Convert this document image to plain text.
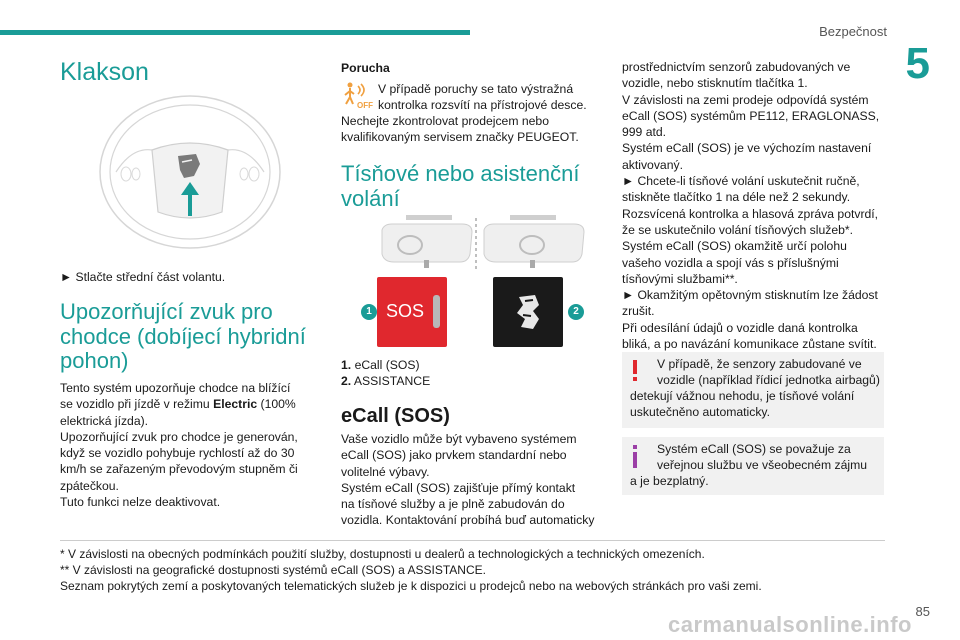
Bezpečnost
5
Klakson

► Stlačte střední část volantu.

Upozorňující zvuk pro
chodce (dobíjecí hybridní
pohon)
Tento systém upozorňuje chodce na blížící
se vozidlo při jízdě v režimu Electric (100%
elektrická jízda).
Upozorňující zvuk pro chodce je generován,
když se vozidlo pohybuje rychlostí až do 30
km/h se zařazeným převodovým stupněm či
zpátečkou.
Tuto funkci nelze deaktivovat.
Porucha
OFF
V případě poruchy se tato výstražná
kontrolka rozsvítí na přístrojové desce.
Nechejte zkontrolovat prodejcem nebo
kvalifikovaným servisem značky PEUGEOT.
Tísňové nebo asistenční
volání
SOS
1	2
1. eCall (SOS)
2. ASSISTANCE
eCall (SOS)
Vaše vozidlo může být vybaveno systémem
eCall (SOS) jako prvkem standardní nebo
volitelné výbavy.
Systém eCall (SOS) zajišťuje přímý kontakt
na tísňové služby a je plně zabudován do
vozidla. Kontaktování probíhá buď automaticky
prostřednictvím senzorů zabudovaných ve
vozidle, nebo stisknutím tlačítka 1.
V závislosti na zemi prodeje odpovídá systém
eCall (SOS) systémům PE112, ERAGLONASS,
999 atd.
Systém eCall (SOS) je ve výchozím nastavení
aktivovaný.
► Chcete-li tísňové volání uskutečnit ručně,
stiskněte tlačítko 1 na déle než 2 sekundy.
Rozsvícená kontrolka a hlasová zpráva potvrdí,
že se uskutečnilo volání tísňových služeb*.
Systém eCall (SOS) okamžitě určí polohu
vašeho vozidla a spojí vás s příslušnými
tísňovými službami**.
► Okamžitým opětovným stisknutím lze žádost
zrušit.
Při odesílání údajů o vozidle daná kontrolka
bliká, a po navázání komunikace zůstane svítit.
V případě, že senzory zabudované ve
vozidle (například řídicí jednotka airbagů)
detekují vážnou nehodu, je tísňové volání
uskutečněno automaticky.
Systém eCall (SOS) se považuje za
veřejnou službu ve všeobecném zájmu
a je bezplatný.

* V závislosti na obecných podmínkách použití služby, dostupnosti u dealerů a technologických a technických omezeních.

** V závislosti na geografické dostupnosti systémů eCall (SOS) a ASSISTANCE.

Seznam pokrytých zemí a poskytovaných telematických služeb je k dispozici u prodejců nebo na webových stránkách pro vaši zemi.

85
carmanualsonline.info
